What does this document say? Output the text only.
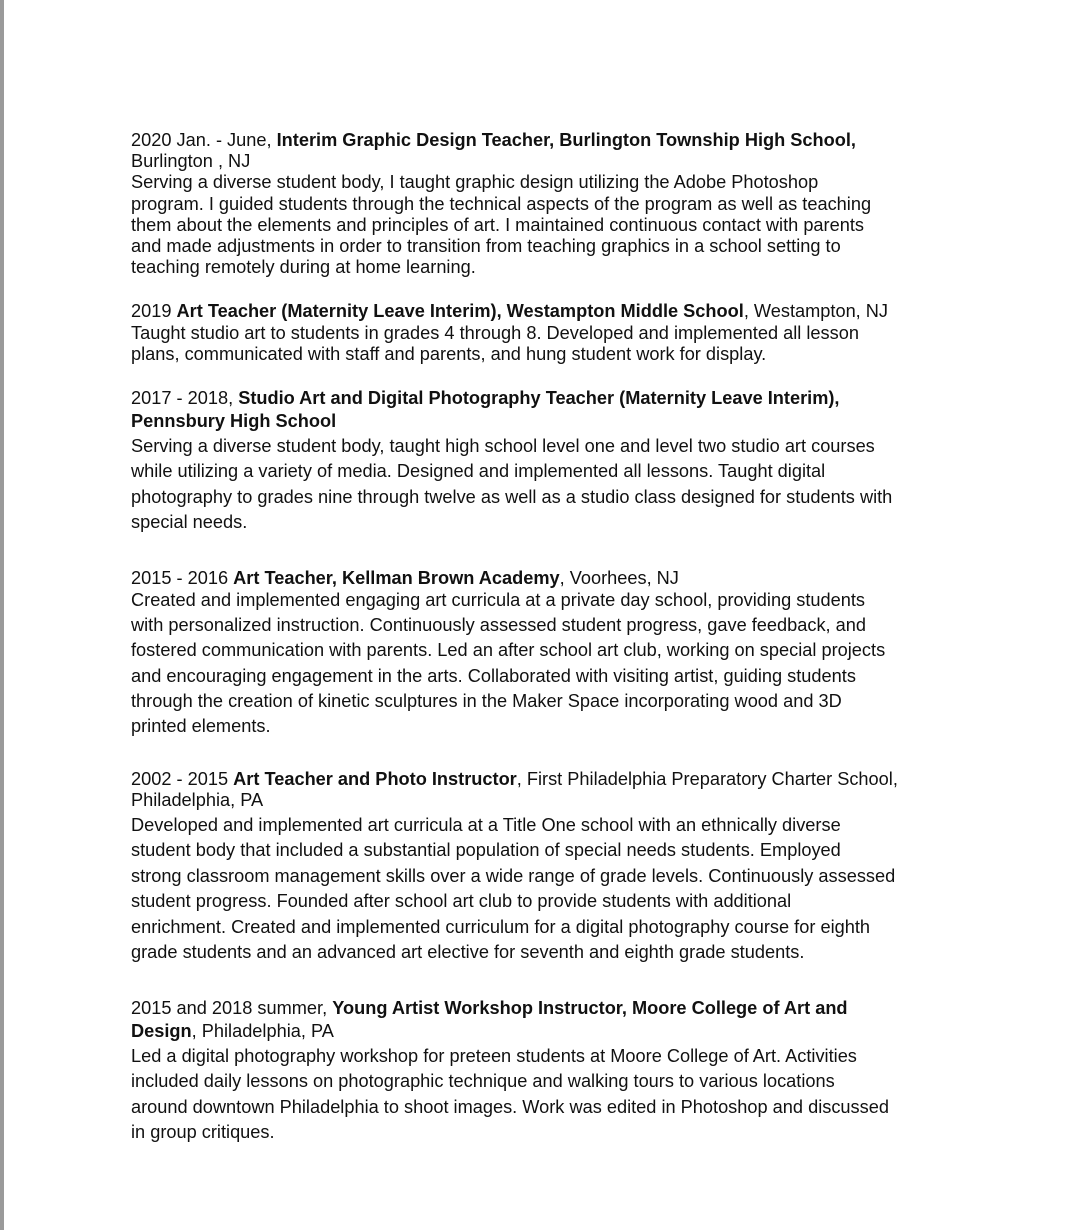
2020 Jan. - June, Interim Graphic Design Teacher, Burlington Township High School,
Burlington , NJ
Serving a diverse student body, I taught graphic design utilizing the Adobe Photoshop
program. I guided students through the technical aspects of the program as well as teaching
them about the elements and principles of art. I maintained continuous contact with parents
and made adjustments in order to transition from teaching graphics in a school setting to
teaching remotely during at home learning.
2019 Art Teacher (Maternity Leave Interim), Westampton Middle School, Westampton, NJ
Taught studio art to students in grades 4 through 8. Developed and implemented all lesson
plans, communicated with staff and parents, and hung student work for display.
2017 - 2018, Studio Art and Digital Photography Teacher (Maternity Leave Interim),
Pennsbury High School
Serving a diverse student body, taught high school level one and level two studio art courses
while utilizing a variety of media. Designed and implemented all lessons. Taught digital
photography to grades nine through twelve as well as a studio class designed for students with
special needs.
2015 - 2016 Art Teacher, Kellman Brown Academy, Voorhees, NJ
Created and implemented engaging art curricula at a private day school, providing students
with personalized instruction. Continuously assessed student progress, gave feedback, and
fostered communication with parents. Led an after school art club, working on special projects
and encouraging engagement in the arts. Collaborated with visiting artist, guiding students
through the creation of kinetic sculptures in the Maker Space incorporating wood and 3D
printed elements.
2002 - 2015 Art Teacher and Photo Instructor, First Philadelphia Preparatory Charter School,
Philadelphia, PA
Developed and implemented art curricula at a Title One school with an ethnically diverse
student body that included a substantial population of special needs students. Employed
strong classroom management skills over a wide range of grade levels. Continuously assessed
student progress. Founded after school art club to provide students with additional
enrichment. Created and implemented curriculum for a digital photography course for eighth
grade students and an advanced art elective for seventh and eighth grade students.
2015 and 2018 summer, Young Artist Workshop Instructor, Moore College of Art and
Design, Philadelphia, PA
Led a digital photography workshop for preteen students at Moore College of Art. Activities
included daily lessons on photographic technique and walking tours to various locations
around downtown Philadelphia to shoot images. Work was edited in Photoshop and discussed
in group critiques.
